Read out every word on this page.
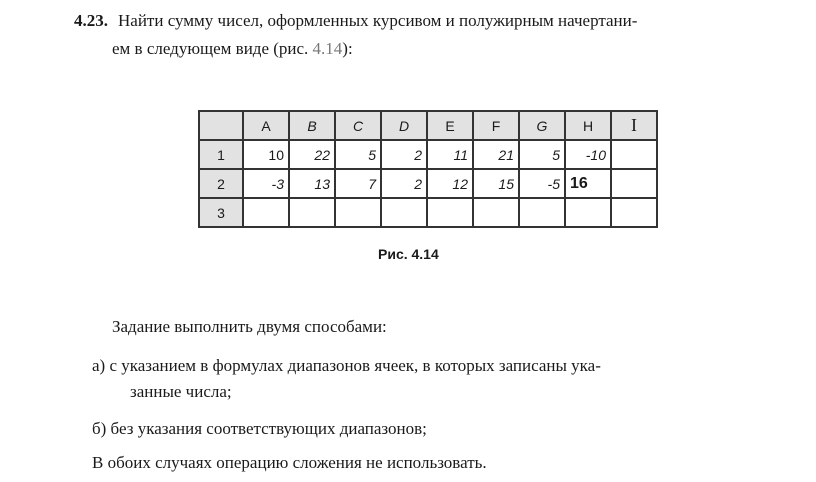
4.23. Найти сумму чисел, оформленных курсивом и полужирным начертани-
ем в следующем виде (рис. 4.14):
	A	B	C	D	E	F	G	H	I
1	10	22	5	2	11	21	5	-10	
2	-3	13	7	2	12	15	-5	16	
3									
Рис. 4.14
Задание выполнить двумя способами:
а) с указанием в формулах диапазонов ячеек, в которых записаны ука-
занные числа;
б) без указания соответствующих диапазонов;
В обоих случаях операцию сложения не использовать.
